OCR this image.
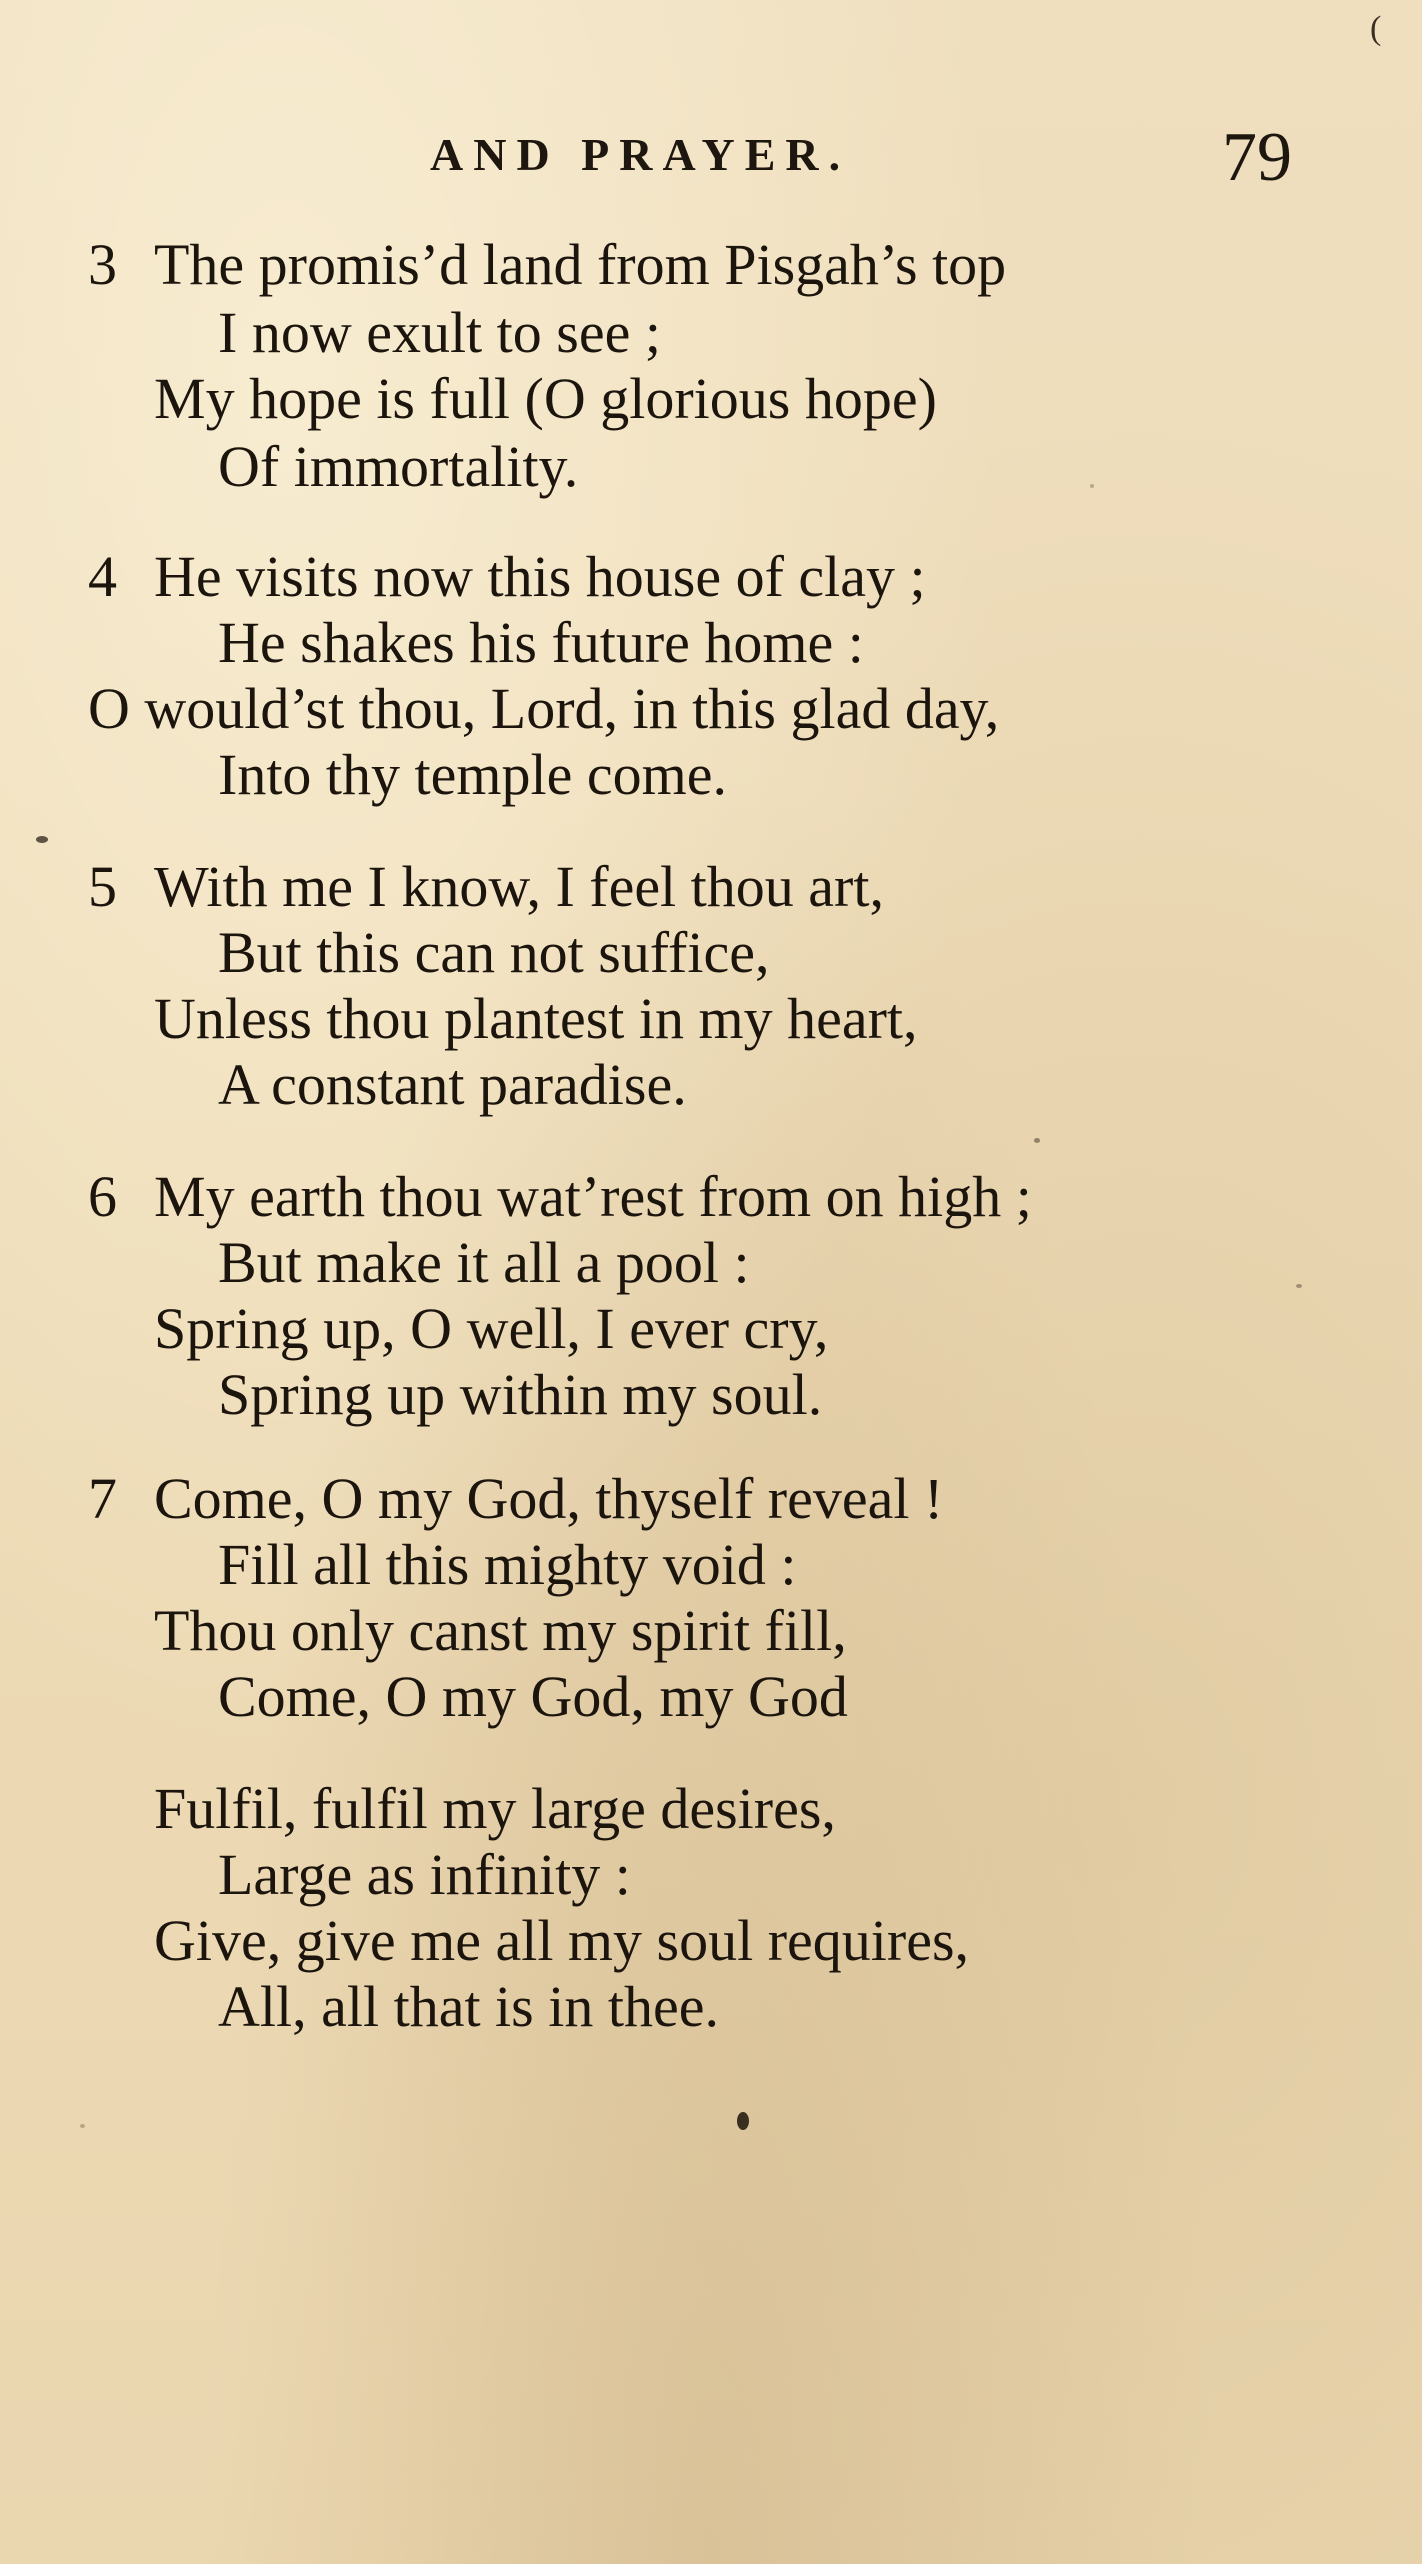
(
AND PRAYER.	79
3 The promis’d land from Pisgah’s top
I now exult to see ;
My hope is full (O glorious hope)
Of immortality.
4 He visits now this house of clay ;
He shakes his future home :
O would’st thou, Lord, in this glad day,
Into thy temple come.
5 With me I know, I feel thou art,
But this can not suffice,
Unless thou plantest in my heart,
A constant paradise.
6 My earth thou wat’rest from on high ;
But make it all a pool :
Spring up, O well, I ever cry,
Spring up within my soul.
7 Come, O my God, thyself reveal !
Fill all this mighty void :
Thou only canst my spirit fill,
Come, O my God, my God
Fulfil, fulfil my large desires,
Large as infinity :
Give, give me all my soul requires,
All, all that is in thee.
